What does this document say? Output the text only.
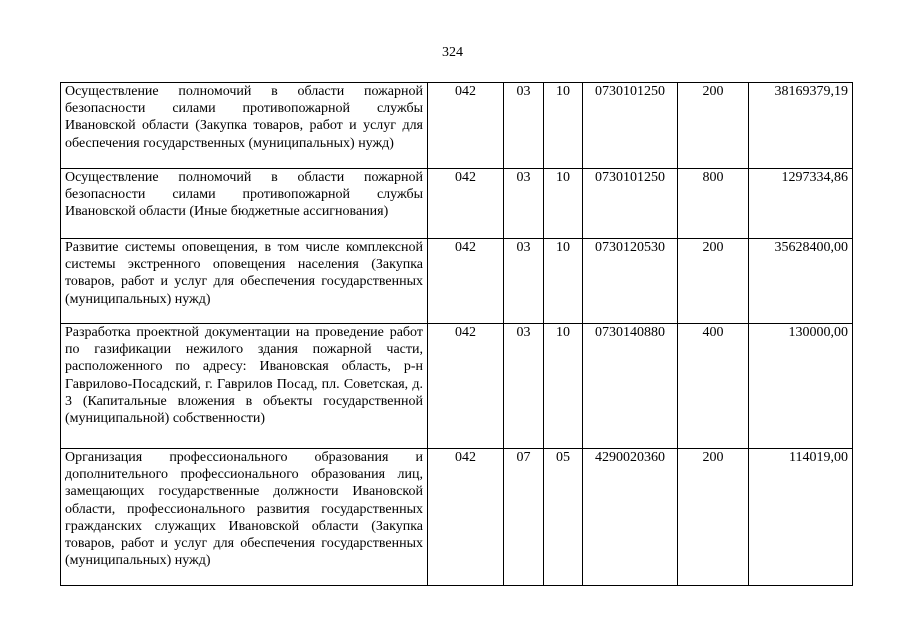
324
Осуществление полномочий в области пожарной безопасности силами противопожарной службы Ивановской области (Закупка товаров, работ и услуг для обеспечения государственных (муниципальных) нужд)	042	03	10	0730101250	200	38169379,19
Осуществление полномочий в области пожарной безопасности силами противопожарной службы Ивановской области (Иные бюджетные ассигнования)	042	03	10	0730101250	800	1297334,86
Развитие системы оповещения, в том числе комплексной системы экстренного оповещения населения (Закупка товаров, работ и услуг для обеспечения государственных (муниципальных) нужд)	042	03	10	0730120530	200	35628400,00
Разработка проектной документации на проведение работ по газификации нежилого здания пожарной части, расположенного по адресу: Ивановская область, р-н Гаврилово-Посадский, г. Гаврилов Посад, пл. Советская, д. 3 (Капитальные вложения в объекты государственной (муниципальной) собственности)	042	03	10	0730140880	400	130000,00
Организация профессионального образования и дополнительного профессионального образования лиц, замещающих государственные должности Ивановской области, профессионального развития государственных гражданских служащих Ивановской области (Закупка товаров, работ и услуг для обеспечения государственных (муниципальных) нужд)	042	07	05	4290020360	200	114019,00
